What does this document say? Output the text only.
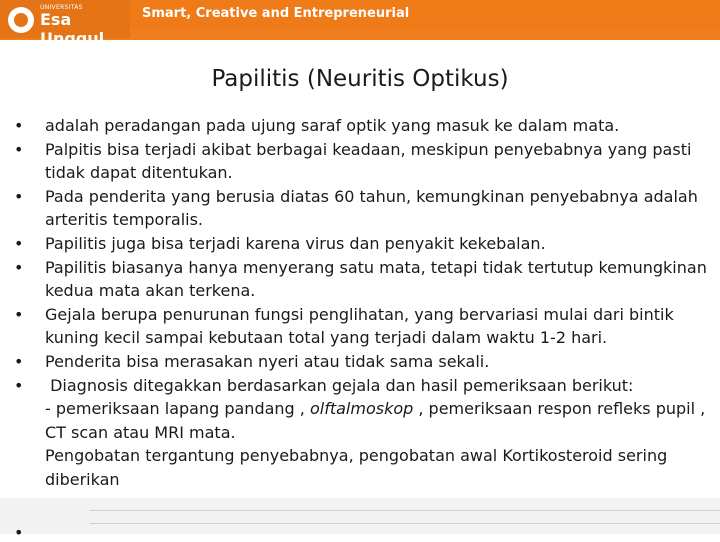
UNIVERSITAS
Esa Unggul
Smart, Creative and Entrepreneurial
Papilitis (Neuritis Optikus)
• adalah peradangan pada ujung saraf optik yang masuk ke dalam mata.
• Palpitis bisa terjadi akibat berbagai keadaan, meskipun penyebabnya yang pasti tidak dapat ditentukan.
• Pada penderita yang berusia diatas 60 tahun, kemungkinan penyebabnya adalah arteritis temporalis.
• Papilitis juga bisa terjadi karena virus dan penyakit kekebalan.
• Papilitis biasanya hanya menyerang satu mata, tetapi tidak tertutup kemungkinan kedua mata akan terkena.
• Gejala berupa penurunan fungsi penglihatan, yang bervariasi mulai dari bintik kuning kecil sampai kebutaan total yang terjadi dalam waktu 1-2 hari.
• Penderita bisa merasakan nyeri atau tidak sama sekali.
• Diagnosis ditegakkan berdasarkan gejala dan hasil pemeriksaan berikut:
- pemeriksaan lapang pandang , olftalmoskop , pemeriksaan respon refleks pupil ,
CT scan atau MRI mata.
Pengobatan tergantung penyebabnya, pengobatan awal Kortikosteroid sering diberikan
•
